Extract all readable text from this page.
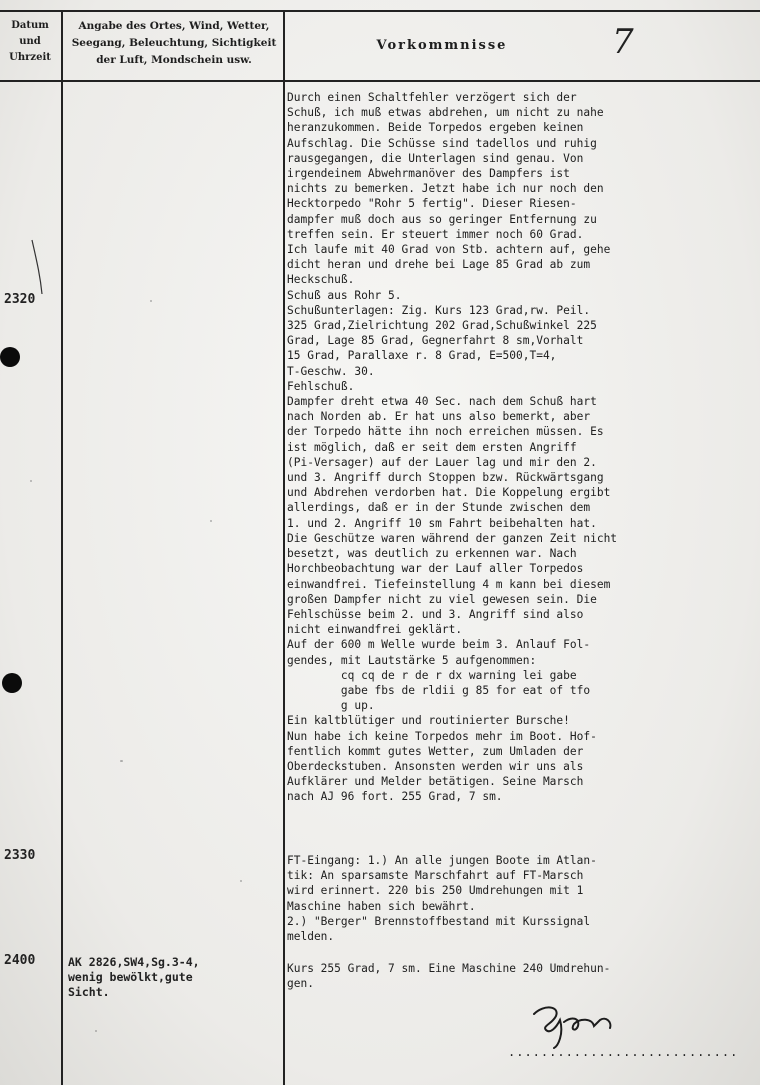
Datum
und
Uhrzeit
Angabe des Ortes, Wind, Wetter,
Seegang, Beleuchtung, Sichtigkeit
der Luft, Mondschein usw.
Vorkommnisse	7
2320
2330
2400	AK 2826,SW4,Sg.3-4,
wenig bewölkt,gute
Sicht.
Durch einen Schaltfehler verzögert sich der
Schuß, ich muß etwas abdrehen, um nicht zu nahe
heranzukommen. Beide Torpedos ergeben keinen
Aufschlag. Die Schüsse sind tadellos und ruhig
rausgegangen, die Unterlagen sind genau. Von
irgendeinem Abwehrmanöver des Dampfers ist
nichts zu bemerken. Jetzt habe ich nur noch den
Hecktorpedo "Rohr 5 fertig". Dieser Riesen-
dampfer muß doch aus so geringer Entfernung zu
treffen sein. Er steuert immer noch 60 Grad.
Ich laufe mit 40 Grad von Stb. achtern auf, gehe
dicht heran und drehe bei Lage 85 Grad ab zum
Heckschuß.
Schuß aus Rohr 5.
Schußunterlagen: Zig. Kurs 123 Grad,rw. Peil.
325 Grad,Zielrichtung 202 Grad,Schußwinkel 225
Grad, Lage 85 Grad, Gegnerfahrt 8 sm,Vorhalt
15 Grad, Parallaxe r. 8 Grad, E=500,T=4,
T-Geschw. 30.
Fehlschuß.
Dampfer dreht etwa 40 Sec. nach dem Schuß hart
nach Norden ab. Er hat uns also bemerkt, aber
der Torpedo hätte ihn noch erreichen müssen. Es
ist möglich, daß er seit dem ersten Angriff
(Pi-Versager) auf der Lauer lag und mir den 2.
und 3. Angriff durch Stoppen bzw. Rückwärtsgang
und Abdrehen verdorben hat. Die Koppelung ergibt
allerdings, daß er in der Stunde zwischen dem
1. und 2. Angriff 10 sm Fahrt beibehalten hat.
Die Geschütze waren während der ganzen Zeit nicht
besetzt, was deutlich zu erkennen war. Nach
Horchbeobachtung war der Lauf aller Torpedos
einwandfrei. Tiefeinstellung 4 m kann bei diesem
großen Dampfer nicht zu viel gewesen sein. Die
Fehlschüsse beim 2. und 3. Angriff sind also
nicht einwandfrei geklärt.
Auf der 600 m Welle wurde beim 3. Anlauf Fol-
gendes, mit Lautstärke 5 aufgenommen:
cq cq de r de r dx warning lei gabe
gabe fbs de rldii g 85 for eat of tfo
g up.
Ein kaltblütiger und routinierter Bursche!
Nun habe ich keine Torpedos mehr im Boot. Hof-
fentlich kommt gutes Wetter, zum Umladen der
Oberdeckstuben. Ansonsten werden wir uns als
Aufklärer und Melder betätigen. Seine Marsch
nach AJ 96 fort. 255 Grad, 7 sm.
FT-Eingang: 1.) An alle jungen Boote im Atlan-
tik: An sparsamste Marschfahrt auf FT-Marsch
wird erinnert. 220 bis 250 Umdrehungen mit 1
Maschine haben sich bewährt.
2.) "Berger" Brennstoffbestand mit Kurssignal
melden.
Kurs 255 Grad, 7 sm. Eine Maschine 240 Umdrehun-
gen.
............................
